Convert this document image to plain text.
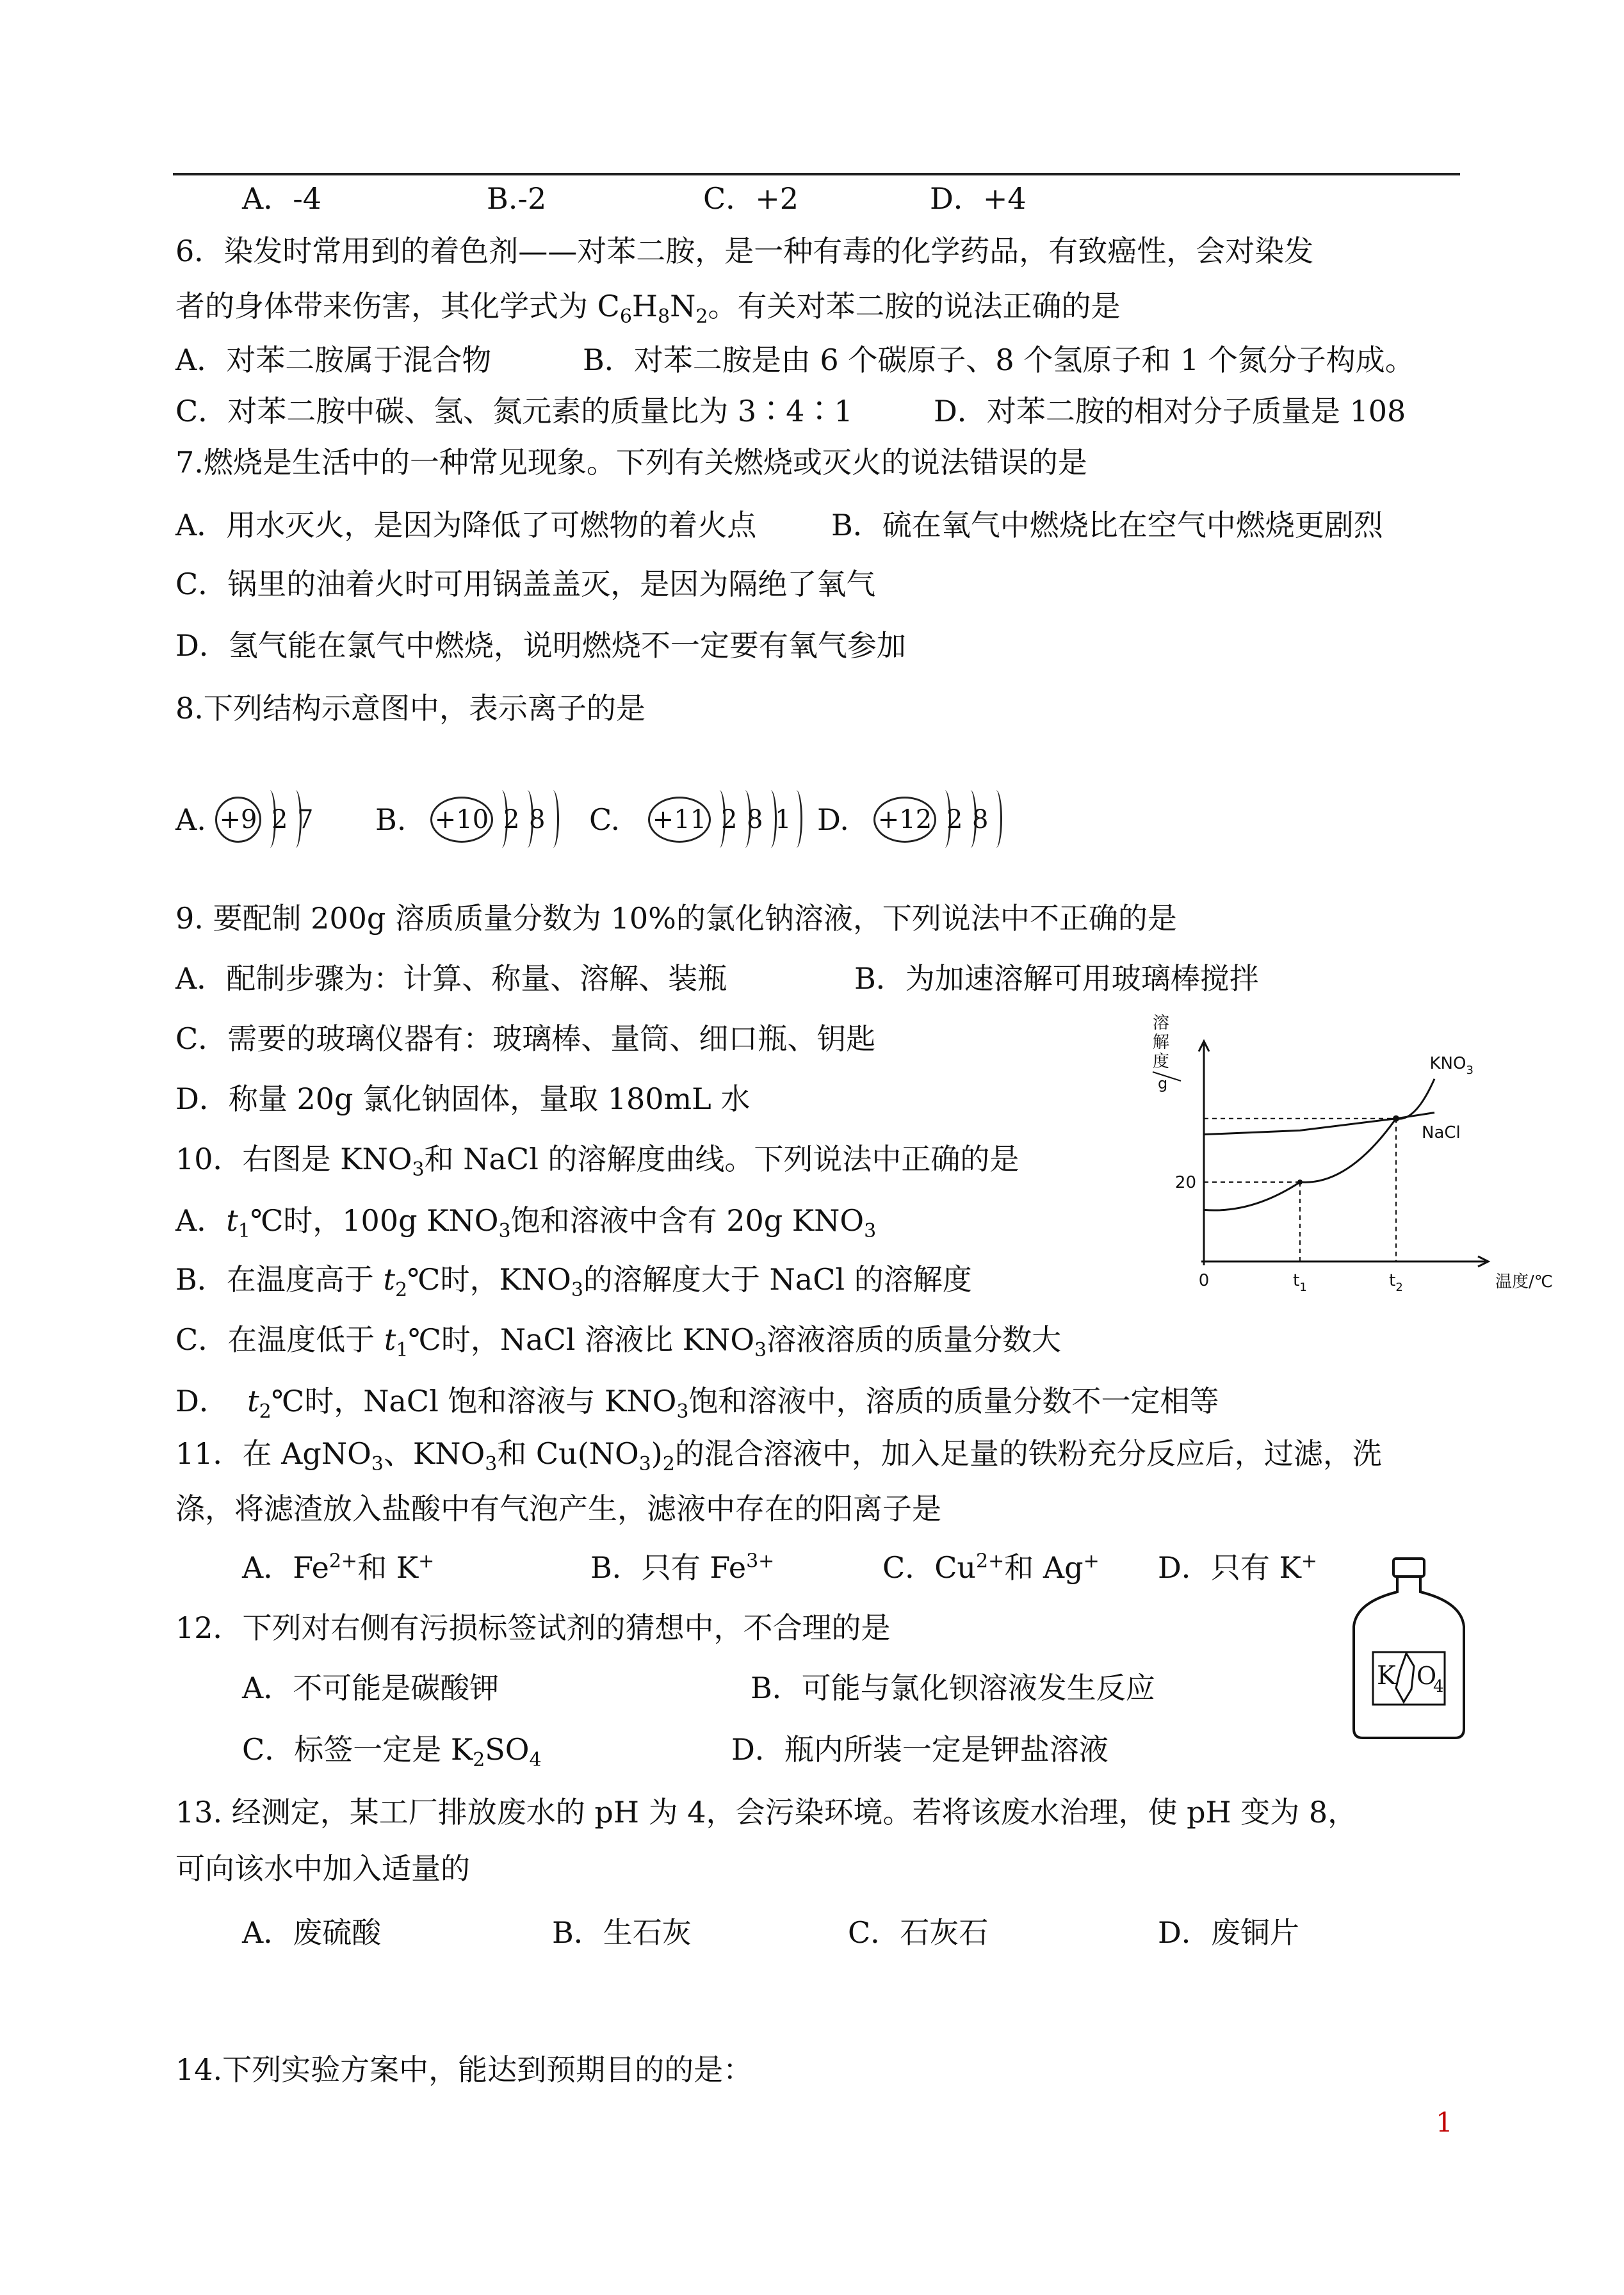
A．-4	B.-2	C．+2	D．+4
6．染发时常用到的着色剂——对苯二胺，是一种有毒的化学药品，有致癌性，会对染发
者的身体带来伤害，其化学式为 $C_6H_8N_2$。有关对苯二胺的说法正确的是
A．对苯二胺属于混合物	B．对苯二胺是由 6 个碳原子、8 个氢原子和 1 个氮分子构成。
C．对苯二胺中碳、氢、氮元素的质量比为 3∶4∶1	D．对苯二胺的相对分子质量是 108
7.燃烧是生活中的一种常见现象。下列有关燃烧或灭火的说法错误的是
A．用水灭火，是因为降低了可燃物的着火点	B．硫在氧气中燃烧比在空气中燃烧更剧烈
C．锅里的油着火时可用锅盖盖灭，是因为隔绝了氧气
D．氢气能在氯气中燃烧，说明燃烧不一定要有氧气参加
8.下列结构示意图中，表示离子的是
A. +9 2 7 B. +10 2 8 C. +11 2 8 1 D. +12 2 8
9. 要配制 200g 溶质质量分数为 10%的氯化钠溶液，下列说法中不正确的是
A．配制步骤为：计算、称量、溶解、装瓶	B．为加速溶解可用玻璃棒搅拌
C．需要的玻璃仪器有：玻璃棒、量筒、细口瓶、钥匙
D．称量 20g 氯化钠固体，量取 180mL 水
10．右图是 $KNO_3$和 NaCl 的溶解度曲线。下列说法中正确的是
A．$t_1℃$时，100g $KNO_3$饱和溶液中含有 20g $KNO_3$
B．在温度高于 $t_2℃$时，$KNO_3$的溶解度大于 NaCl 的溶解度
C．在温度低于 $t_1℃$时，NaCl 溶液比 $KNO_3$溶液溶质的质量分数大
D． $t_2℃$时，NaCl 饱和溶液与 $KNO_3$饱和溶液中，溶质的质量分数不一定相等
溶
解
度
g
温度/℃
0	$t_1$	$t_2$
20
$KNO_3$
NaCl
11．在 AgNO$_3$、$KNO_3$和 $Cu(NO_3)_2$的混合溶液中，加入足量的铁粉充分反应后，过滤，洗
涤，将滤渣放入盐酸中有气泡产生，滤液中存在的阳离子是
A．$Fe^{2+}$和 K+	B．只有 $Fe^{3+}$	C．$Cu^{2+}$和 Ag+ D．只有 K+
12．下列对右侧有污损标签试剂的猜想中，不合理的是
A．不可能是碳酸钾	B．可能与氯化钡溶液发生反应
C．标签一定是 $K_2SO_4$	D．瓶内所装一定是钾盐溶液
K O
4
13. 经测定，某工厂排放废水的 pH 为 4，会污染环境。若将该废水治理，使 pH 变为 8，
可向该水中加入适量的
A．废硫酸	B．生石灰	C．石灰石	D．废铜片
14.下列实验方案中，能达到预期目的的是：
1
